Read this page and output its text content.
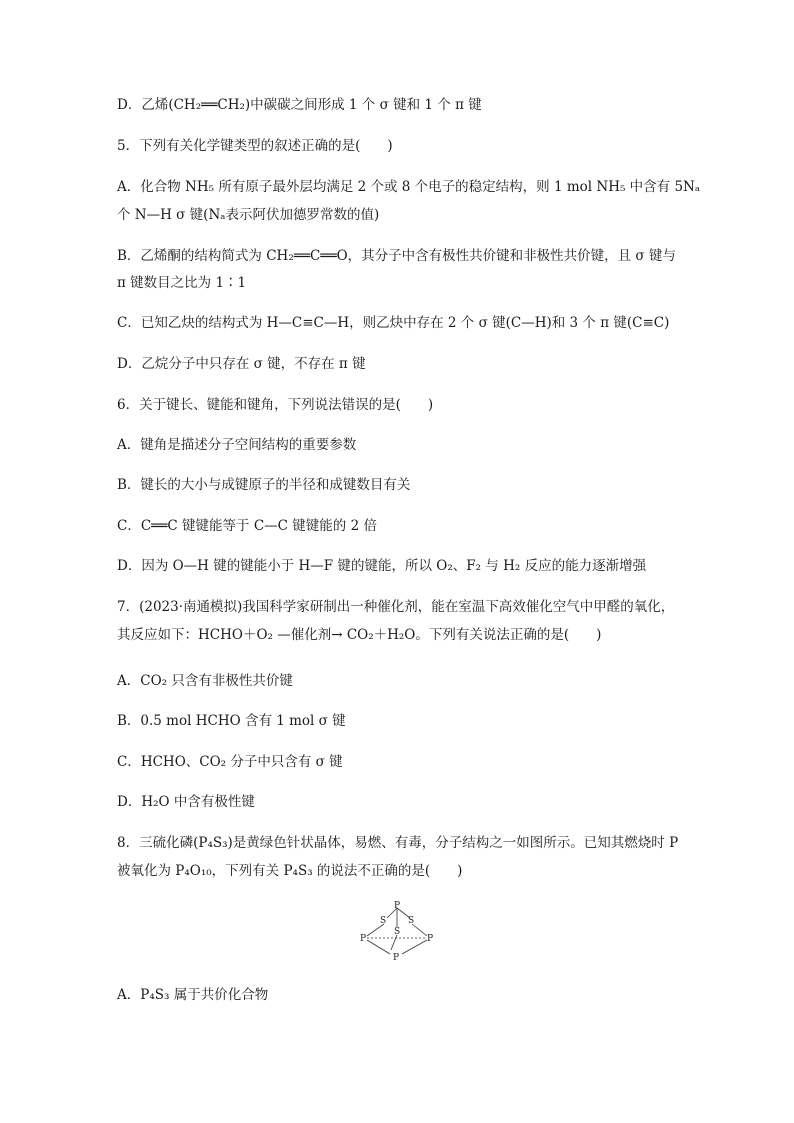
D．乙烯(CH₂══CH₂)中碳碳之间形成 1 个 σ 键和 1 个 π 键
5．下列有关化学键类型的叙述正确的是(　　)
A．化合物 NH₅ 所有原子最外层均满足 2 个或 8 个电子的稳定结构，则 1 mol NH₅ 中含有 5Nₐ
个 N—H σ 键(Nₐ表示阿伏加德罗常数的值)
B．乙烯酮的结构简式为 CH₂══C══O，其分子中含有极性共价键和非极性共价键，且 σ 键与
π 键数目之比为 1∶1
C．已知乙炔的结构式为 H—C≡C—H，则乙炔中存在 2 个 σ 键(C—H)和 3 个 π 键(C≡C)
D．乙烷分子中只存在 σ 键，不存在 π 键
6．关于键长、键能和键角，下列说法错误的是(　　)
A．键角是描述分子空间结构的重要参数
B．键长的大小与成键原子的半径和成键数目有关
C．C══C 键键能等于 C—C 键键能的 2 倍
D．因为 O—H 键的键能小于 H—F 键的键能，所以 O₂、F₂ 与 H₂ 反应的能力逐渐增强
7．(2023·南通模拟)我国科学家研制出一种催化剂，能在室温下高效催化空气中甲醛的氧化，
其反应如下：HCHO＋O₂ —催化剂→ CO₂＋H₂O。下列有关说法正确的是(　　)
A．CO₂ 只含有非极性共价键
B．0.5 mol HCHO 含有 1 mol σ 键
C．HCHO、CO₂ 分子中只含有 σ 键
D．H₂O 中含有极性键
8．三硫化磷(P₄S₃)是黄绿色针状晶体，易燃、有毒，分子结构之一如图所示。已知其燃烧时 P
被氧化为 P₄O₁₀，下列有关 P₄S₃ 的说法不正确的是(　　)
P
S S
S
P	P
P
A．P₄S₃ 属于共价化合物
